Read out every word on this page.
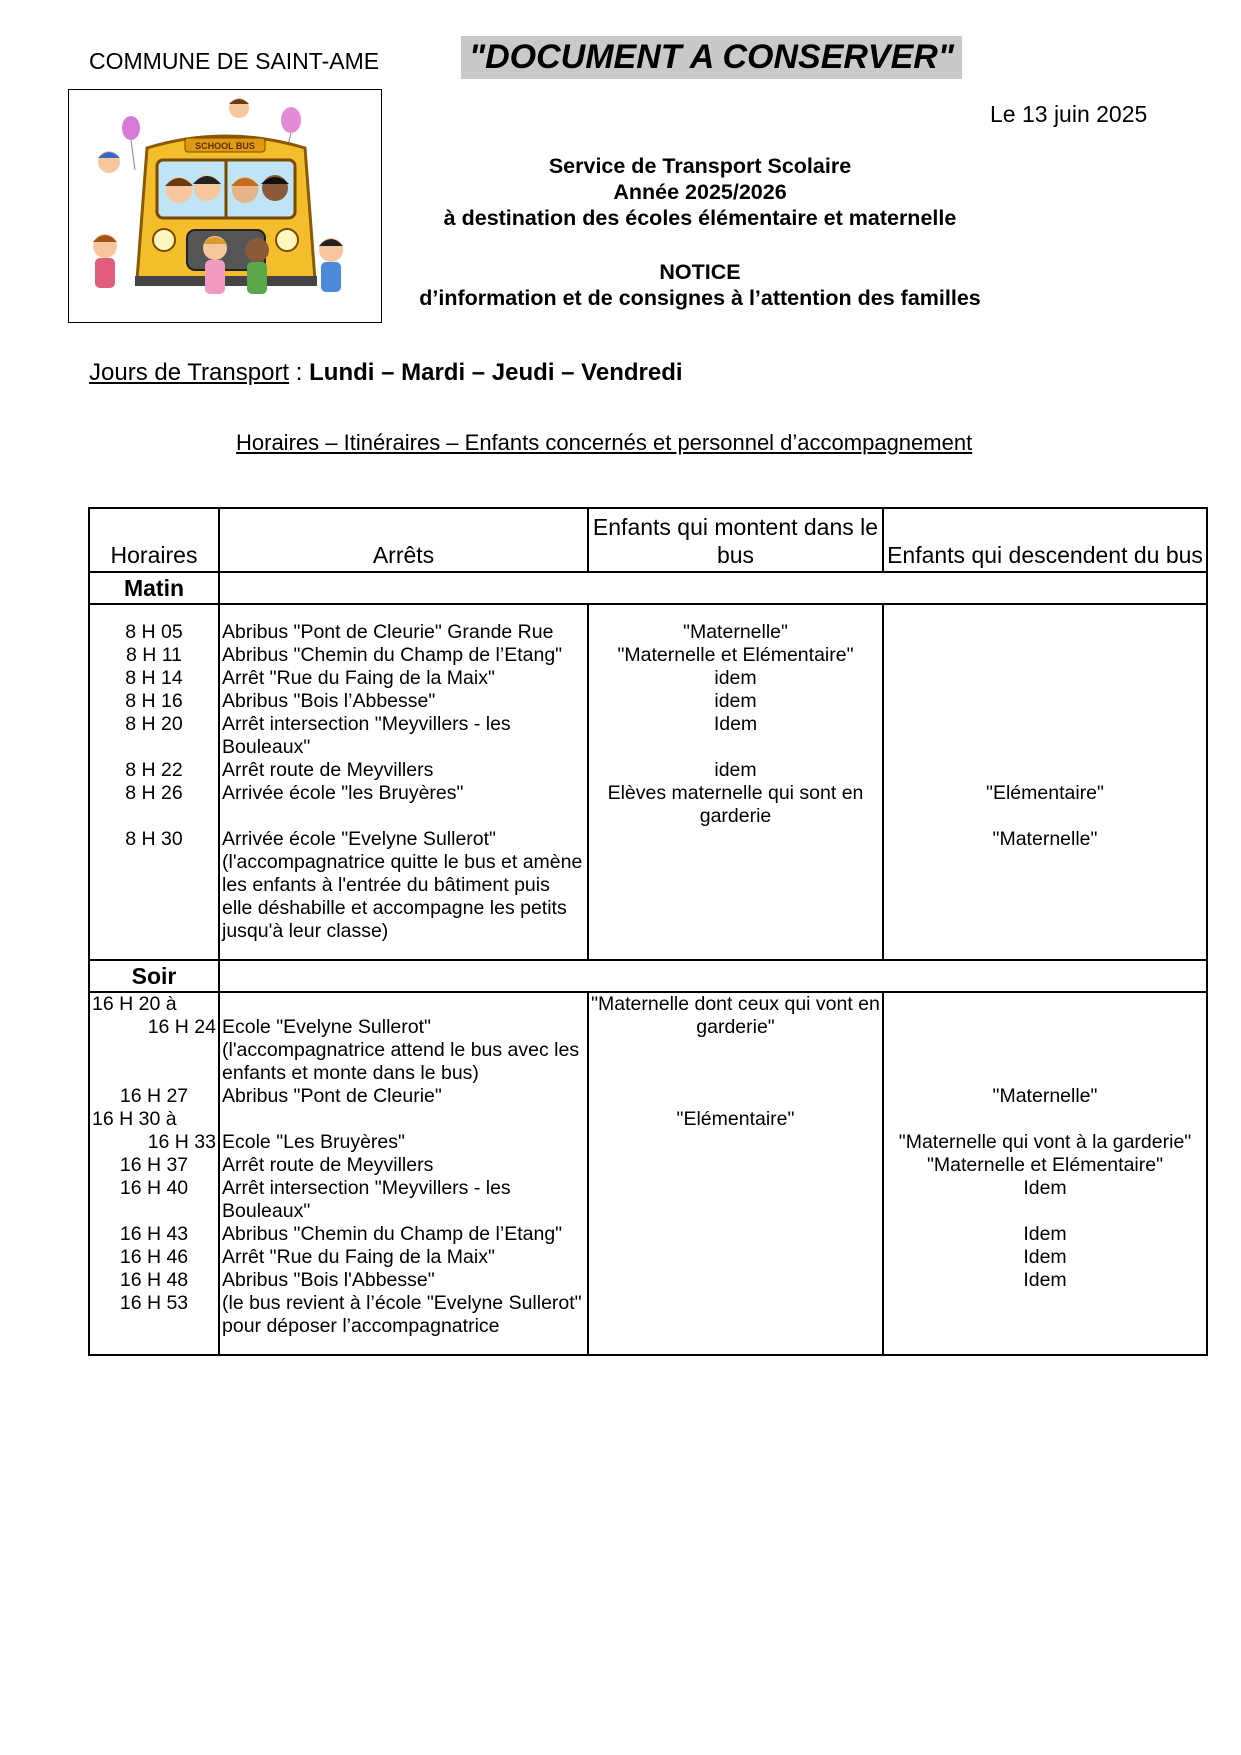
COMMUNE DE SAINT-AME	"DOCUMENT A CONSERVER"
SCHOOL BUS
Le 13 juin 2025
Service de Transport Scolaire
Année 2025/2026
à destination des écoles élémentaire et maternelle
NOTICE
d’information et de consignes à l’attention des familles
Jours de Transport : Lundi – Mardi – Jeudi – Vendredi
Horaires – Itinéraires – Enfants concernés et personnel d’accompagnement
Horaires	Arrêts	Enfants qui montent dans le bus	Enfants qui descendent du bus
Matin			

8 H 05	Abribus "Pont de Cleurie" Grande Rue	"Maternelle"	
8 H 11	Abribus "Chemin du Champ de l’Etang"	"Maternelle et Elémentaire"	
8 H 14	Arrêt "Rue du Faing de la Maix"	idem	
8 H 16	Abribus "Bois l’Abbesse"	idem	
8 H 20	Arrêt intersection "Meyvillers - les Bouleaux"	Idem	
8 H 22	Arrêt route de Meyvillers	idem	
8 H 26	Arrivée école "les Bruyères"	Elèves maternelle qui sont en garderie	"Elémentaire"
8 H 30	Arrivée école "Evelyne Sullerot" (l'accompagnatrice quitte le bus et amène les enfants à l'entrée du bâtiment puis elle déshabille et accompagne les petits jusqu'à leur classe)		"Maternelle"

Soir			

16 H 20 à
16 H 24	Ecole "Evelyne Sullerot" (l'accompagnatrice attend le bus avec les enfants et monte dans le bus)	"Maternelle dont ceux qui vont en garderie"	

16 H 27	Abribus "Pont de Cleurie"		"Maternelle"

16 H 30 à
16 H 33	Ecole "Les Bruyères"	"Elémentaire"	"Maternelle qui vont à la garderie"

16 H 37	Arrêt route de Meyvillers		"Maternelle et Elémentaire"

16 H 40	Arrêt intersection "Meyvillers - les Bouleaux"		Idem

16 H 43	Abribus "Chemin du Champ de l’Etang"		Idem

16 H 46	Arrêt "Rue du Faing de la Maix"		Idem

16 H 48	Abribus "Bois l'Abbesse"		Idem

16 H 53	(le bus revient à l’école "Evelyne Sullerot" pour déposer l’accompagnatrice		
